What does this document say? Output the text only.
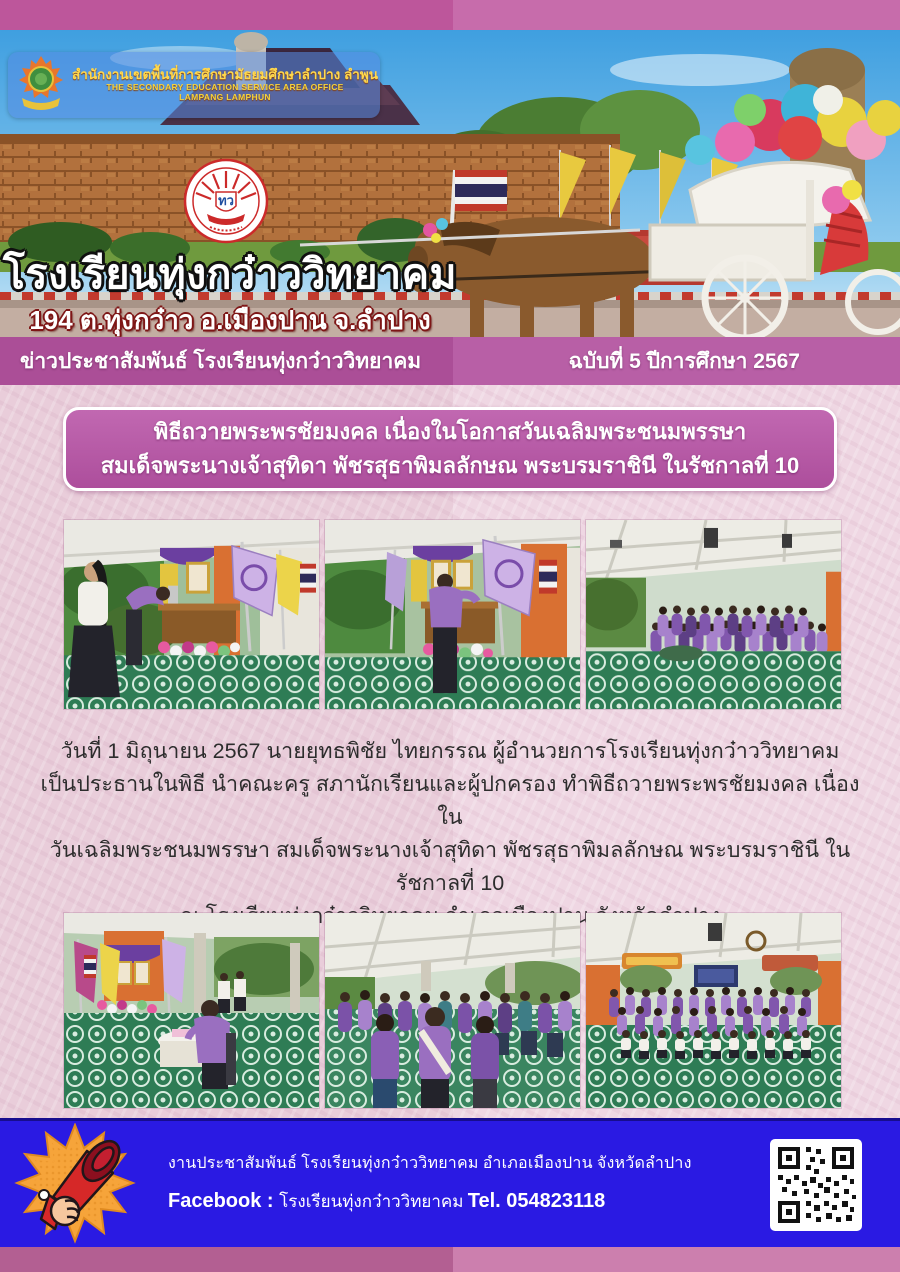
สำนักงานเขตพื้นที่การศึกษามัธยมศึกษาลำปาง ลำพูน
THE SECONDARY EDUCATION SERVICE AREA OFFICE
LAMPANG LAMPHUN
ทว
โรงเรียนทุ่งกว๋าววิทยาคม
194 ต.ทุ่งกว๋าว อ.เมืองปาน จ.ลำปาง
ข่าวประชาสัมพันธ์ โรงเรียนทุ่งกว๋าววิทยาคม	ฉบับที่ 5 ปีการศึกษา 2567
พิธีถวายพระพรชัยมงคล เนื่องในโอกาสวันเฉลิมพระชนมพรรษา
สมเด็จพระนางเจ้าสุทิดา พัชรสุธาพิมลลักษณ พระบรมราชินี ในรัชกาลที่ 10
วันที่ 1 มิถุนายน 2567 นายยุทธพิชัย ไทยกรรณ ผู้อำนวยการโรงเรียนทุ่งกว๋าววิทยาคม
เป็นประธานในพิธี นำคณะครู สภานักเรียนและผู้ปกครอง ทำพิธีถวายพระพรชัยมงคล เนื่องใน
วันเฉลิมพระชนมพรรษา สมเด็จพระนางเจ้าสุทิดา พัชรสุธาพิมลลักษณ พระบรมราชินี ในรัชกาลที่ 10
โรงเรียนทุ่งกว๋าววิทยาคม
งานประชาสัมพันธ์ โรงเรียนทุ่งกว๋าววิทยาคม อำเภอเมืองปาน จังหวัดลำปาง
Facebook : โรงเรียนทุ่งกว๋าววิทยาคม Tel. 054823118
